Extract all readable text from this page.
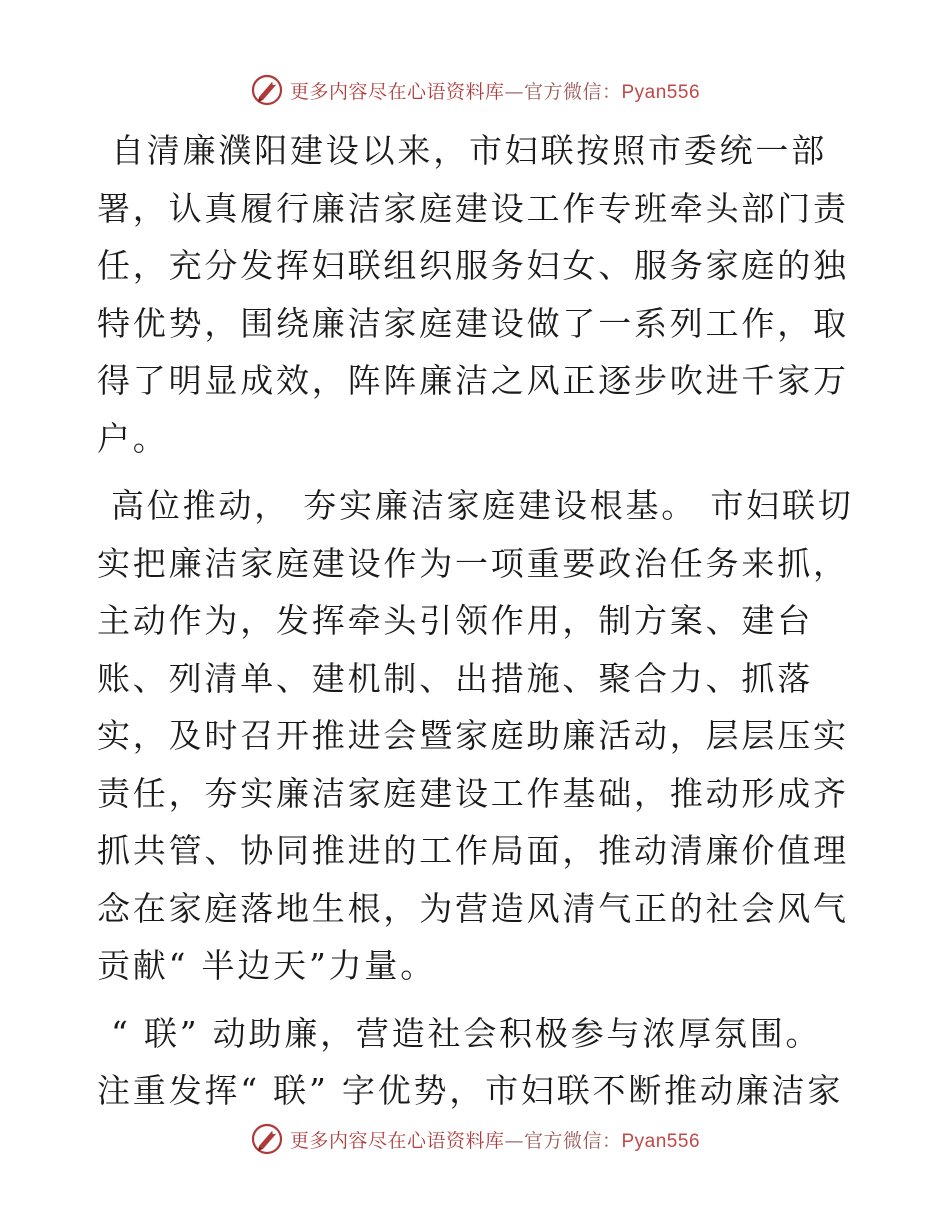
更多内容尽在心语资料库—官方微信：Pyan556

自清廉濮阳建设以来，市妇联按照市委统一部署，认真履行廉洁家庭建设工作专班牵头部门责任，充分发挥妇联组织服务妇女、服务家庭的独特优势，围绕廉洁家庭建设做了一系列工作，取得了明显成效，阵阵廉洁之风正逐步吹进千家万户。

高位推动， 夯实廉洁家庭建设根基。 市妇联切实把廉洁家庭建设作为一项重要政治任务来抓，主动作为，发挥牵头引领作用，制方案、建台账、列清单、建机制、出措施、聚合力、抓落实，及时召开推进会暨家庭助廉活动，层层压实责任，夯实廉洁家庭建设工作基础，推动形成齐抓共管、协同推进的工作局面，推动清廉价值理念在家庭落地生根，为营造风清气正的社会风气贡献“ 半边天”力量。

“ 联” 动助廉，营造社会积极参与浓厚氛围。注重发挥“ 联” 字优势，市妇联不断推动廉洁家

更多内容尽在心语资料库—官方微信：Pyan556
